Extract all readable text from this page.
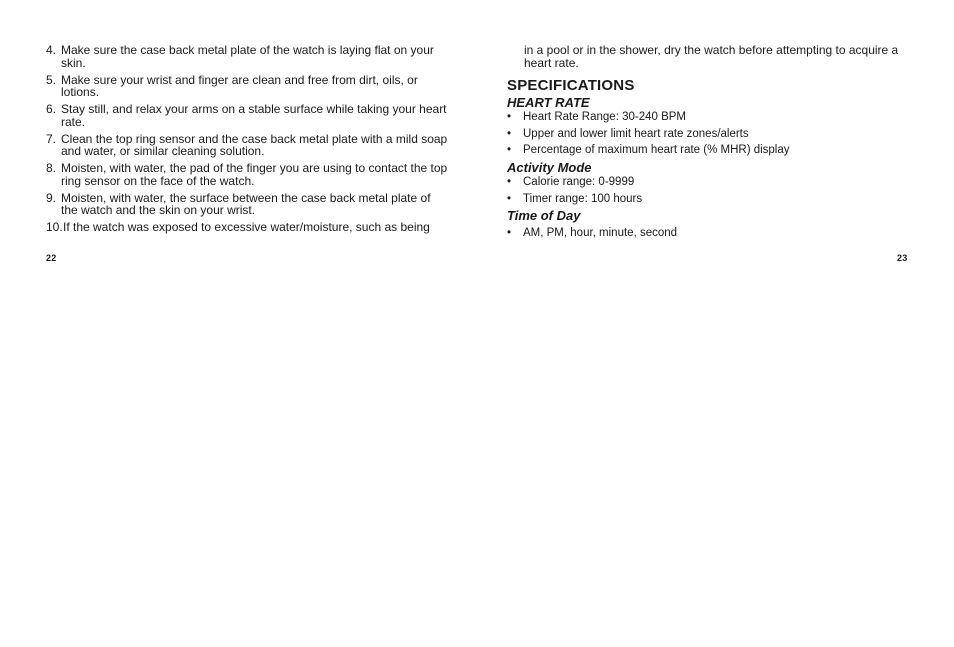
4. Make sure the case back metal plate of the watch is laying flat on your skin.
5. Make sure your wrist and finger are clean and free from dirt, oils, or lotions.
6. Stay still, and relax your arms on a stable surface while taking your heart rate.
7. Clean the top ring sensor and the case back metal plate with a mild soap and water, or similar cleaning solution.
8. Moisten, with water, the pad of the finger you are using to contact the top ring sensor on the face of the watch.
9. Moisten, with water, the surface between the case back metal plate of the watch and the skin on your wrist.
10. If the watch was exposed to excessive water/moisture, such as being
22
in a pool or in the shower, dry the watch before attempting to acquire a heart rate.
SPECIFICATIONS
HEART RATE
• Heart Rate Range: 30-240 BPM
• Upper and lower limit heart rate zones/alerts
• Percentage of maximum heart rate (% MHR) display
Activity Mode
• Calorie range: 0-9999
• Timer range: 100 hours
Time of Day
• AM, PM, hour, minute, second
23
